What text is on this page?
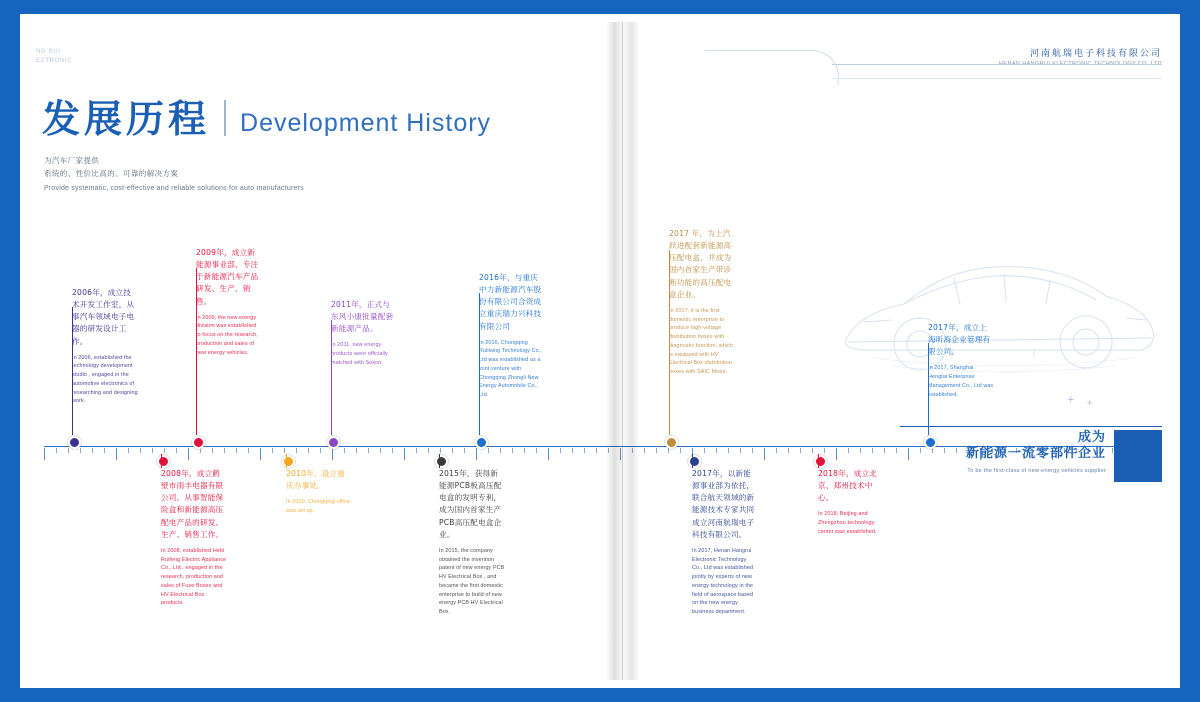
NG RUI
ECTRONIC
河南航瑞电子科技有限公司
发展历程 Development History
为汽车厂家提供
系统的、性价比高的、可靠的解决方案
Provide systematic, cost-effective and reliable solutions for auto manufacturers
+ +
2006年，成立技术开发工作室，从事汽车领域电子电器的研发设计工作。
In 2006, established the technology development studio , engaged in the automotive electronics of researching and designing work.
2008年，成立鹤壁市雨丰电器有限公司，从事智能保险盒和新能源高压配电产品的研发、生产、销售工作。
In 2008, established Hebi Ruifeng Electric Appliance Co., Ltd., engaged in the research, production and sales of Fuse Boxes and HV Electrical Box products.
2009年，成立新能源事业部，专注于新能源汽车产品研发、生产、销售。
In 2009, the new energy division was established to focus on the research, production and sales of new energy vehicles.
2010年，设立重庆办事处。
In 2010, Chongqing office was set up.
2011年，正式与东风小康批量配套新能源产品。
In 2011, new energy products were officially matched with Sokon.
2015年，获得新能源PCB板高压配电盒的发明专利，成为国内首家生产PCB高压配电盒企业。
In 2015, the company obtained the invention patent of new energy PCB HV Electrical Box , and became the first domestic enterprise to build of new energy PCB HV Electrical Box.
2016年，与重庆中力新能源汽车股份有限公司合资成立重庆瑞力兴科技有限公司
In 2016, Chongqing Ruilixing Technology Co., Ltd was established as a joint venture with Chongqing Zhongli New Energy Automobile Co., Ltd.
2017 年，为上汽跃进配套新能源高压配电盒，并成为国内首家生产带诊断功能的高压配电盒企业。
In 2017, it is the first domestic enterprise to produce high-voltage distribution boxes with diagnostic function, which is equipped with HV Electrical Box distribution boxes with SAIC Motor.
2017年，以新能源事业部为依托，联合航天领域的新能源技术专家共同成立河南航瑞电子科技有限公司。
In 2017, Henan Hangrui Electronic Technology Co., Ltd was established jointly by experts of new energy technology in the field of aerospace based on the new energy business department.
2017年，成立上海昕海企业管理有限公司。
In 2017, Shanghai Hengtai Enterprise Management Co., Ltd was established.
2018年，成立北京、郑州技术中心。
In 2018, Beijing and Zhengzhou technology center was established.
成为
新能源一流零部件企业
To be the first-class of new-energy vehicles supplier
